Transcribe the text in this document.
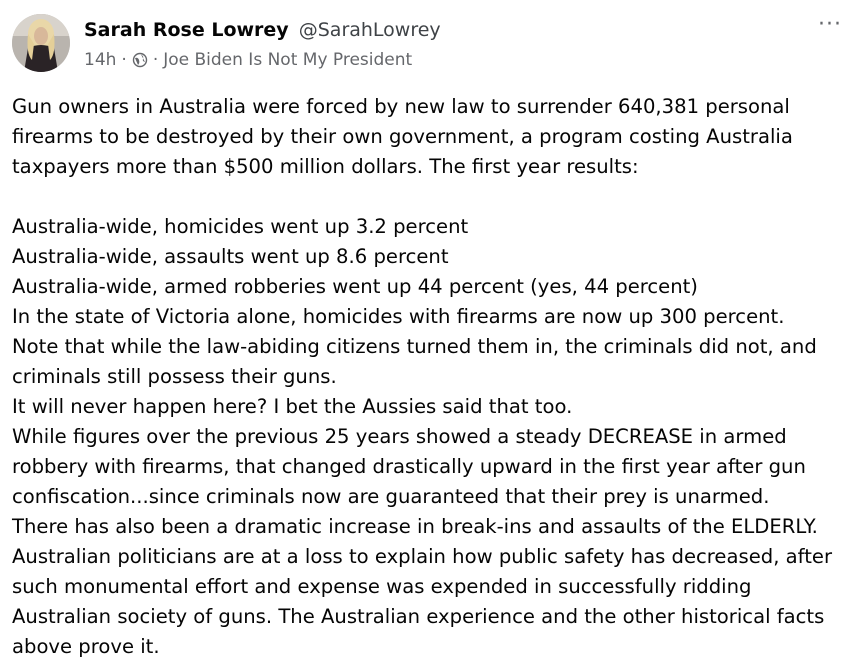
Sarah Rose Lowrey @SarahLowrey
14h · · Joe Biden Is Not My President
···

Gun owners in Australia were forced by new law to surrender 640,381 personal firearms to be destroyed by their own government, a program costing Australia taxpayers more than $500 million dollars. The first year results:

Australia-wide, homicides went up 3.2 percent

Australia-wide, assaults went up 8.6 percent

Australia-wide, armed robberies went up 44 percent (yes, 44 percent)

In the state of Victoria alone, homicides with firearms are now up 300 percent.

Note that while the law-abiding citizens turned them in, the criminals did not, and criminals still possess their guns.

It will never happen here? I bet the Aussies said that too.

While figures over the previous 25 years showed a steady DECREASE in armed robbery with firearms, that changed drastically upward in the first year after gun confiscation...since criminals now are guaranteed that their prey is unarmed.

There has also been a dramatic increase in break-ins and assaults of the ELDERLY.

Australian politicians are at a loss to explain how public safety has decreased, after such monumental effort and expense was expended in successfully ridding Australian society of guns. The Australian experience and the other historical facts above prove it.
